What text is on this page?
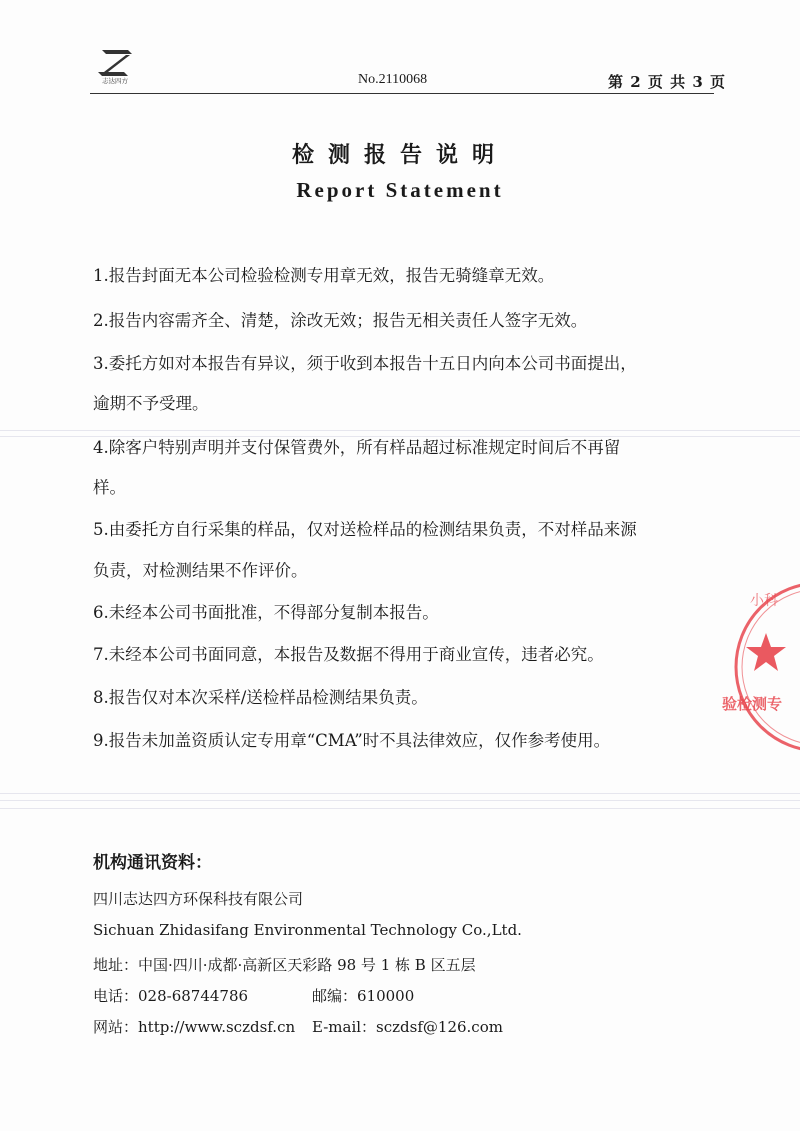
志达四方	No.2110068	第 2 页 共 3 页
检测报告说明
Report Statement
1.报告封面无本公司检验检测专用章无效，报告无骑缝章无效。
2.报告内容需齐全、清楚，涂改无效；报告无相关责任人签字无效。
3.委托方如对本报告有异议，须于收到本报告十五日内向本公司书面提出，
逾期不予受理。
4.除客户特别声明并支付保管费外，所有样品超过标准规定时间后不再留
样。
5.由委托方自行采集的样品，仅对送检样品的检测结果负责，不对样品来源
负责，对检测结果不作评价。
6.未经本公司书面批准，不得部分复制本报告。
7.未经本公司书面同意，本报告及数据不得用于商业宣传，违者必究。
8.报告仅对本次采样/送检样品检测结果负责。
9.报告未加盖资质认定专用章“CMA”时不具法律效应，仅作参考使用。
机构通讯资料：
四川志达四方环保科技有限公司
Sichuan Zhidasifang Environmental Technology Co.,Ltd.
地址：中国·四川·成都·高新区天彩路 98 号 1 栋 B 区五层
电话：028-68744786	邮编：610000
网站：http://www.sczdsf.cn E-mail：sczdsf@126.com
小科
验检测专
